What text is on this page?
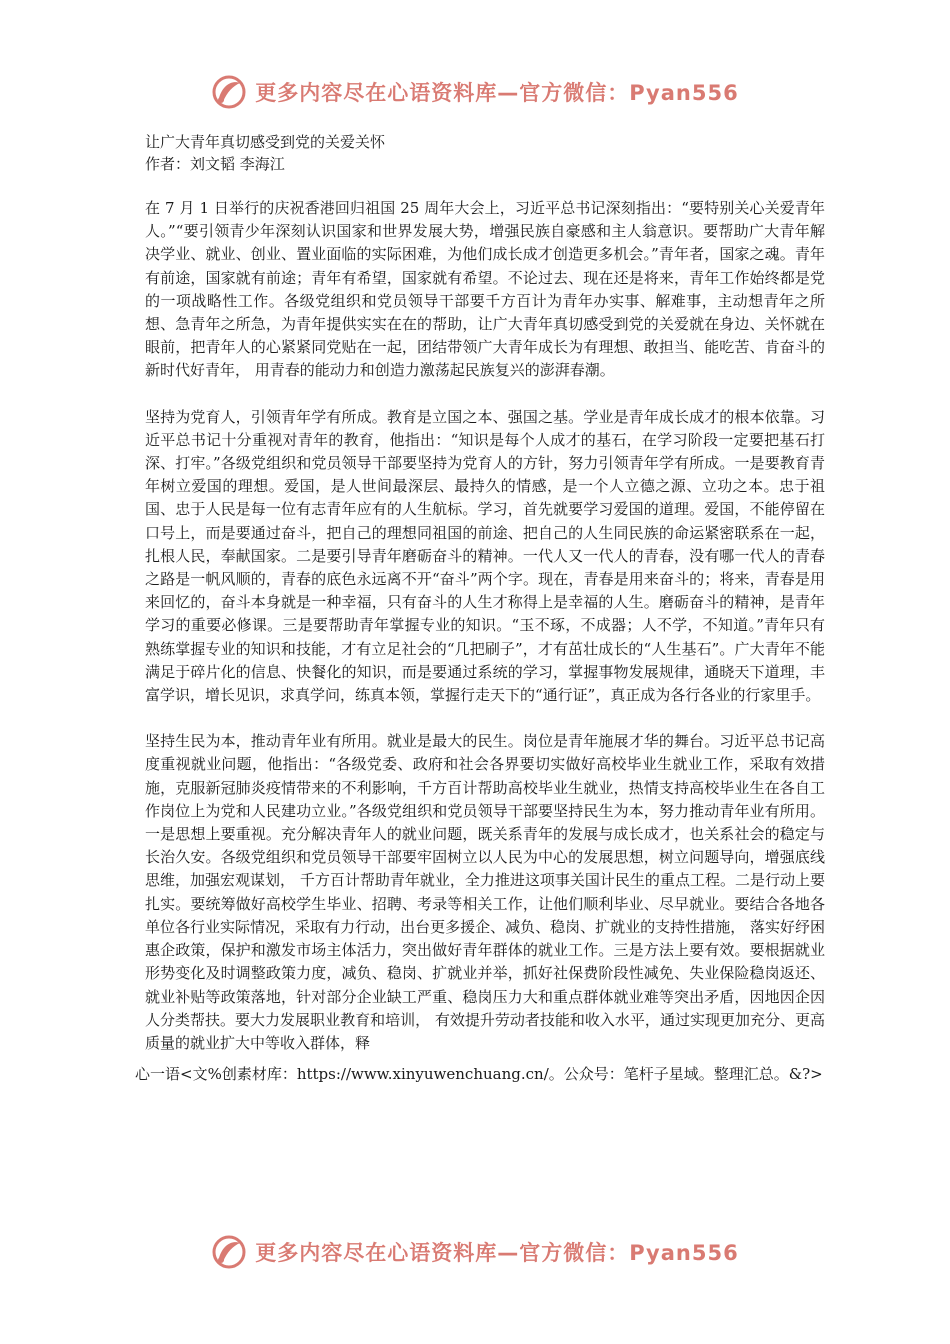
更多内容尽在心语资料库—官方微信：Pyan556

让广大青年真切感受到党的关爱关怀

作者：刘文韬 李海江

在 7 月 1 日举行的庆祝香港回归祖国 25 周年大会上，习近平总书记深刻指出：“要特别关心关爱青年人。”“要引领青少年深刻认识国家和世界发展大势，增强民族自豪感和主人翁意识。要帮助广大青年解决学业、就业、创业、置业面临的实际困难，为他们成长成才创造更多机会。”青年者，国家之魂。青年有前途，国家就有前途；青年有希望，国家就有希望。不论过去、现在还是将来，青年工作始终都是党的一项战略性工作。各级党组织和党员领导干部要千方百计为青年办实事、解难事，主动想青年之所想、急青年之所急，为青年提供实实在在的帮助，让广大青年真切感受到党的关爱就在身边、关怀就在眼前，把青年人的心紧紧同党贴在一起，团结带领广大青年成长为有理想、敢担当、能吃苦、肯奋斗的新时代好青年， 用青春的能动力和创造力激荡起民族复兴的澎湃春潮。

坚持为党育人，引领青年学有所成。教育是立国之本、强国之基。学业是青年成长成才的根本依靠。习近平总书记十分重视对青年的教育，他指出：“知识是每个人成才的基石，在学习阶段一定要把基石打深、打牢。”各级党组织和党员领导干部要坚持为党育人的方针，努力引领青年学有所成。一是要教育青年树立爱国的理想。爱国，是人世间最深层、最持久的情感，是一个人立德之源、立功之本。忠于祖国、忠于人民是每一位有志青年应有的人生航标。学习，首先就要学习爱国的道理。爱国，不能停留在口号上，而是要通过奋斗，把自己的理想同祖国的前途、把自己的人生同民族的命运紧密联系在一起，扎根人民，奉献国家。二是要引导青年磨砺奋斗的精神。一代人又一代人的青春，没有哪一代人的青春之路是一帆风顺的，青春的底色永远离不开“奋斗”两个字。现在，青春是用来奋斗的；将来，青春是用来回忆的，奋斗本身就是一种幸福，只有奋斗的人生才称得上是幸福的人生。磨砺奋斗的精神，是青年学习的重要必修课。三是要帮助青年掌握专业的知识。“玉不琢，不成器；人不学，不知道。”青年只有熟练掌握专业的知识和技能，才有立足社会的“几把刷子”，才有茁壮成长的“人生基石”。广大青年不能满足于碎片化的信息、快餐化的知识，而是要通过系统的学习，掌握事物发展规律，通晓天下道理，丰富学识，增长见识，求真学问，练真本领，掌握行走天下的“通行证”，真正成为各行各业的行家里手。

坚持生民为本，推动青年业有所用。就业是最大的民生。岗位是青年施展才华的舞台。习近平总书记高度重视就业问题，他指出：“各级党委、政府和社会各界要切实做好高校毕业生就业工作，采取有效措施，克服新冠肺炎疫情带来的不利影响，千方百计帮助高校毕业生就业，热情支持高校毕业生在各自工作岗位上为党和人民建功立业。”各级党组织和党员领导干部要坚持民生为本，努力推动青年业有所用。一是思想上要重视。充分解决青年人的就业问题，既关系青年的发展与成长成才，也关系社会的稳定与长治久安。各级党组织和党员领导干部要牢固树立以人民为中心的发展思想，树立问题导向，增强底线思维，加强宏观谋划， 千方百计帮助青年就业，全力推进这项事关国计民生的重点工程。二是行动上要扎实。要统筹做好高校学生毕业、招聘、考录等相关工作，让他们顺利毕业、尽早就业。要结合各地各单位各行业实际情况，采取有力行动，出台更多援企、减负、稳岗、扩就业的支持性措施， 落实好纾困惠企政策，保护和激发市场主体活力，突出做好青年群体的就业工作。三是方法上要有效。要根据就业形势变化及时调整政策力度，减负、稳岗、扩就业并举，抓好社保费阶段性减免、失业保险稳岗返还、就业补贴等政策落地，针对部分企业缺工严重、稳岗压力大和重点群体就业难等突出矛盾，因地因企因人分类帮扶。要大力发展职业教育和培训， 有效提升劳动者技能和收入水平，通过实现更加充分、更高质量的就业扩大中等收入群体，释

心一语<文%创素材库：https://www.xinyuwenchuang.cn/。公众号：笔杆子星域。整理汇总。&?>

更多内容尽在心语资料库—官方微信：Pyan556
